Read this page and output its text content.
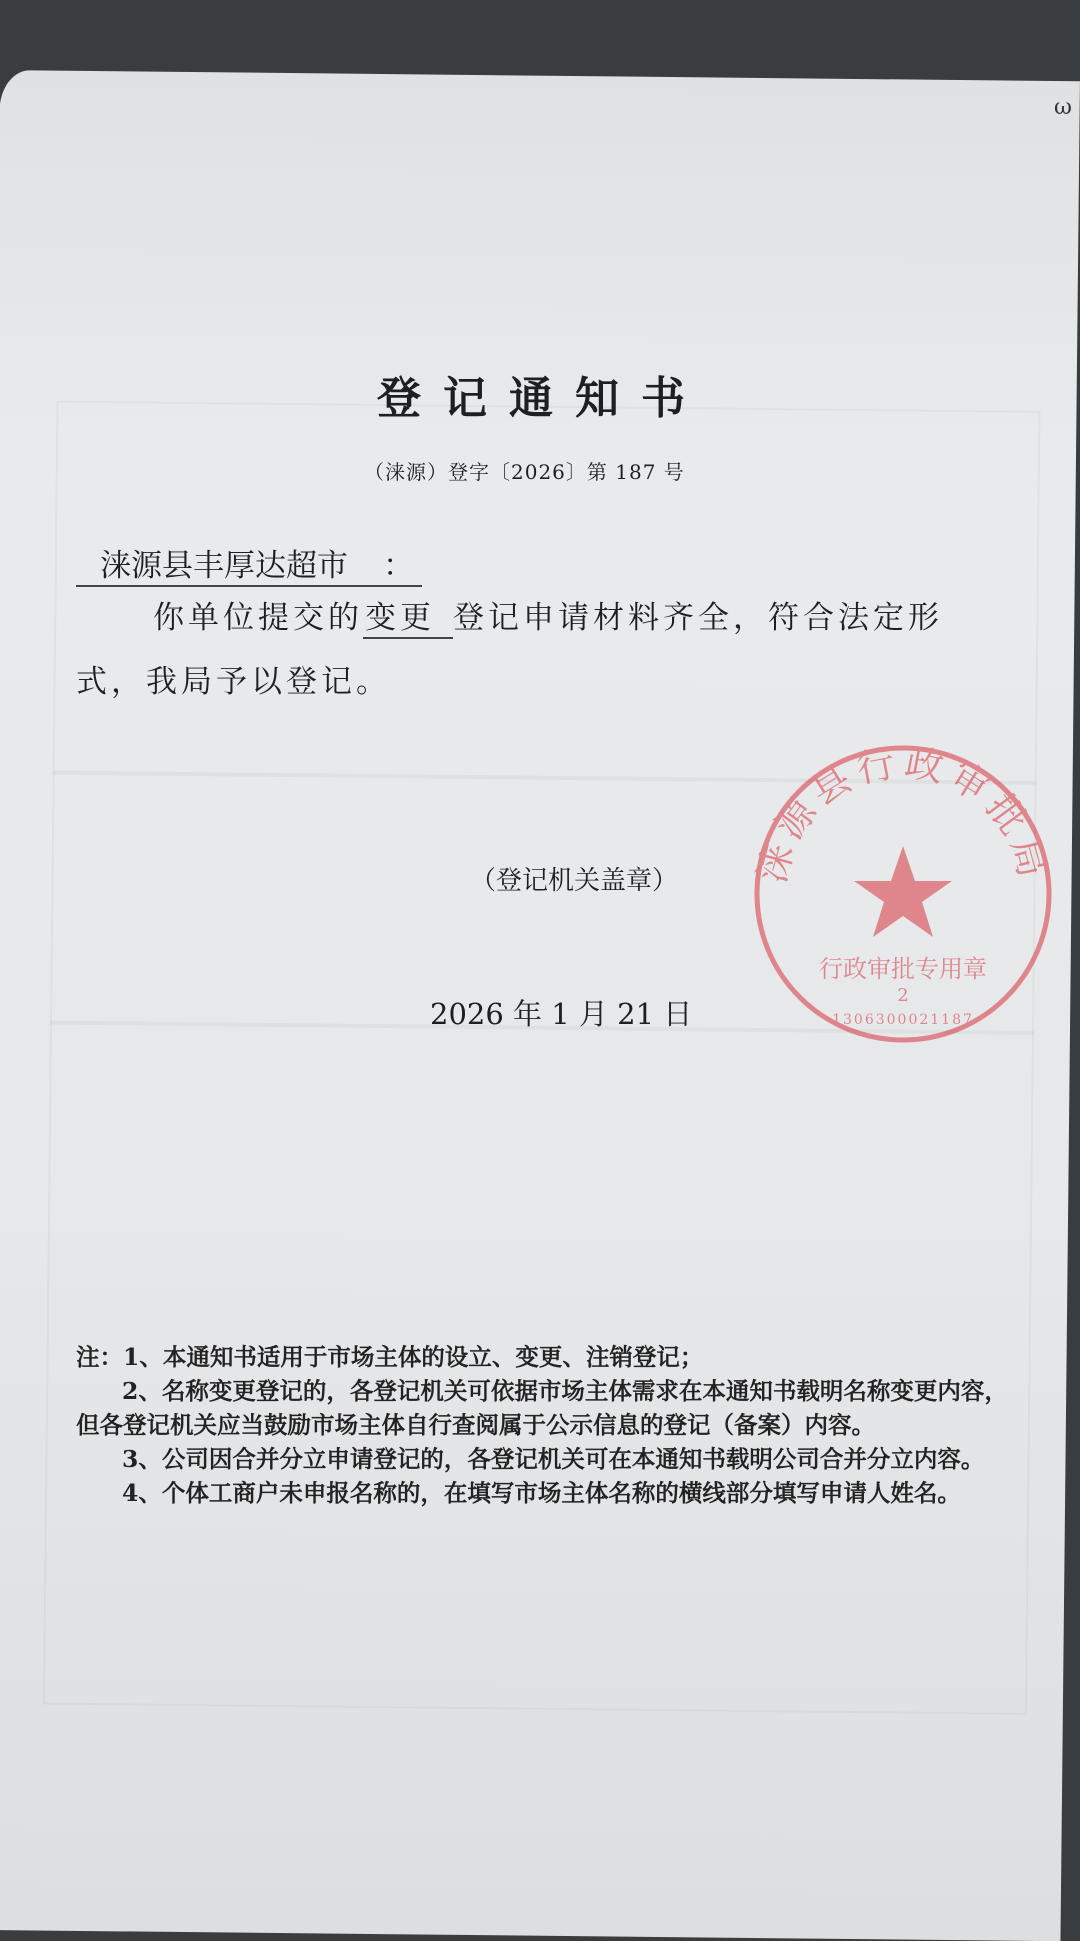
ω
登记通知书
（涞源）登字〔2026〕第 187 号
涞源县丰厚达超市 ：
你单位提交的变更 登记申请材料齐全，符合法定形
式，我局予以登记。
涞源县行政审批局
行政审批专用章
2
1306300021187
（登记机关盖章）
2026 年 1 月 21 日
注：1、本通知书适用于市场主体的设立、变更、注销登记；
2、名称变更登记的，各登记机关可依据市场主体需求在本通知书载明名称变更内容，
但各登记机关应当鼓励市场主体自行查阅属于公示信息的登记（备案）内容。
3、公司因合并分立申请登记的，各登记机关可在本通知书载明公司合并分立内容。
4、个体工商户未申报名称的，在填写市场主体名称的横线部分填写申请人姓名。
